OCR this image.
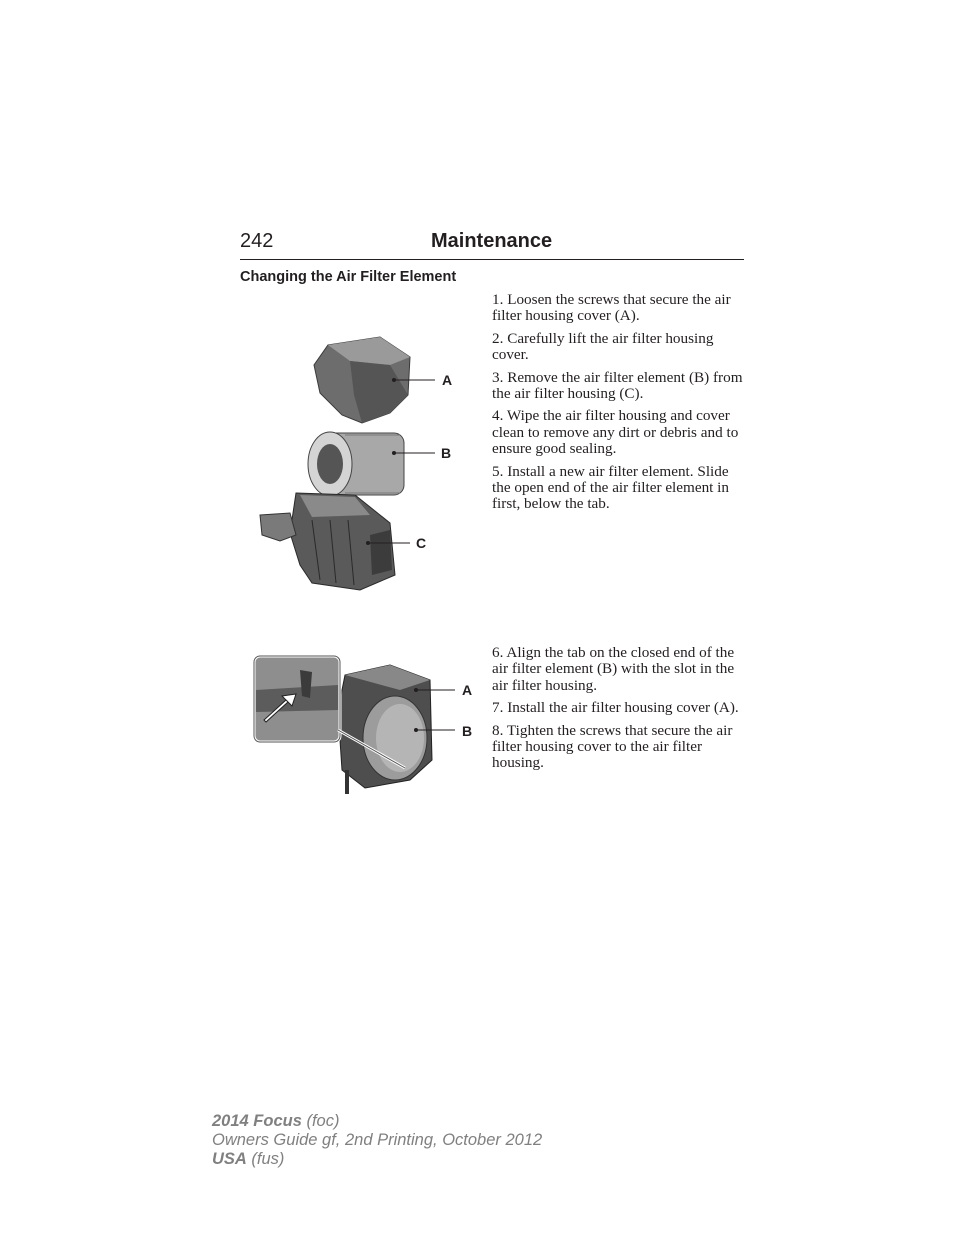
242	Maintenance
Changing the Air Filter Element
A
B
C

1. Loosen the screws that secure the air filter housing cover (A).

2. Carefully lift the air filter housing cover.

3. Remove the air filter element (B) from the air filter housing (C).

4. Wipe the air filter housing and cover clean to remove any dirt or debris and to ensure good sealing.

5. Install a new air filter element. Slide the open end of the air filter element in first, below the tab.

A
B

6. Align the tab on the closed end of the air filter element (B) with the slot in the air filter housing.

7. Install the air filter housing cover (A).

8. Tighten the screws that secure the air filter housing cover to the air filter housing.

2014 Focus (foc)
Owners Guide gf, 2nd Printing, October 2012
USA (fus)
